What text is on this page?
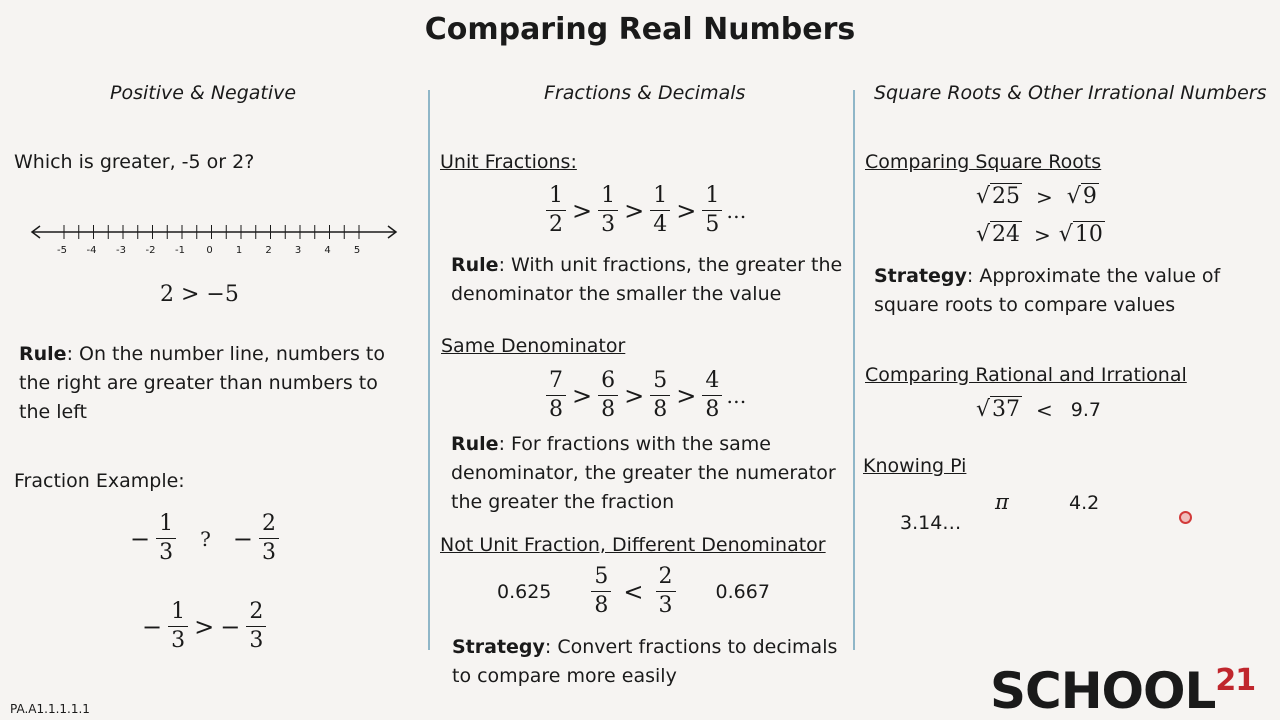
Comparing Real Numbers
Positive & Negative	Fractions & Decimals	Square Roots & Other Irrational Numbers
Which is greater, -5 or 2?
-5 -4 -3 -2 -1 0 1 2 3 4 5
2 > −5
Rule: On the number line, numbers to
the right are greater than numbers to
the left
Fraction Example:
− $\frac{1}{3}$ ? − $\frac{2}{3}$
− $\frac{1}{3}$ > − $\frac{2}{3}$
Unit Fractions:
$\frac{1}{2} > \frac{1}{3} > \frac{1}{4} > \frac{1}{5}$ …
Rule: With unit fractions, the greater the
denominator the smaller the value
Same Denominator
$\frac{7}{8} > \frac{6}{8} > \frac{5}{8} > \frac{4}{8}$ …
Rule: For fractions with the same
denominator, the greater the numerator
the greater the fraction
Not Unit Fraction, Different Denominator
$0.625 \frac{5}{8} < \frac{2}{3} 0.667$
Strategy: Convert fractions to decimals
to compare more easily
Comparing Square Roots
√25 > √9
√24 > √10
Strategy: Approximate the value of
square roots to compare values
Comparing Rational and Irrational
√37 < 9.7
Knowing Pi
π
3.14…
4.2
PA.A1.1.1.1.1	SCHOOL$^{21}$
